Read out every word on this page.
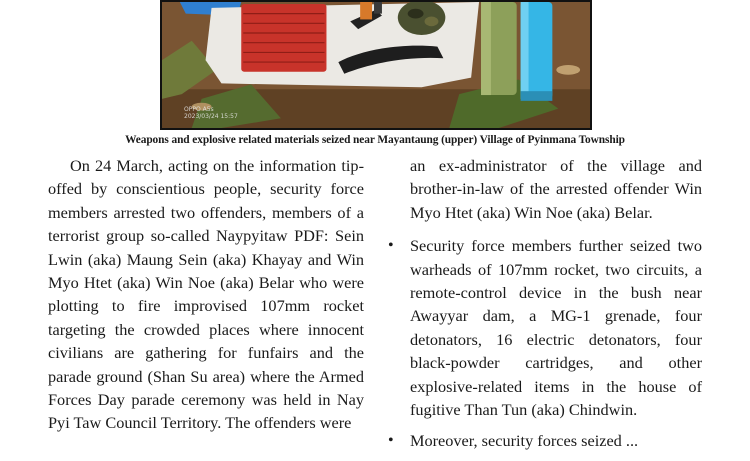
OPPO A5s
2023/03/24 15:57
Weapons and explosive related materials seized near Mayantaung (upper) Village of Pyinmana Township

On 24 March, acting on the information tip-offed by conscientious people, security force members arrested two offenders, members of a terrorist group so-called Naypyitaw PDF: Sein Lwin (aka) Maung Sein (aka) Khayay and Win Myo Htet (aka) Win Noe (aka) Belar who were plotting to fire improvised 107mm rocket targeting the crowded places where innocent civilians are gathering for funfairs and the parade ground (Shan Su area) where the Armed Forces Day parade ceremony was held in Nay Pyi Taw Council Territory. The offenders were

an ex-administrator of the village and brother-in-law of the arrested offender Win Myo Htet (aka) Win Noe (aka) Belar.

• Security force members further seized two warheads of 107mm rocket, two circuits, a remote-control device in the bush near Awayyar dam, a MG-1 grenade, four detonators, 16 electric detonators, four black-powder cartridges, and other explosive-related items in the house of fugitive Than Tun (aka) Chindwin.
• Moreover, security forces seized ...
